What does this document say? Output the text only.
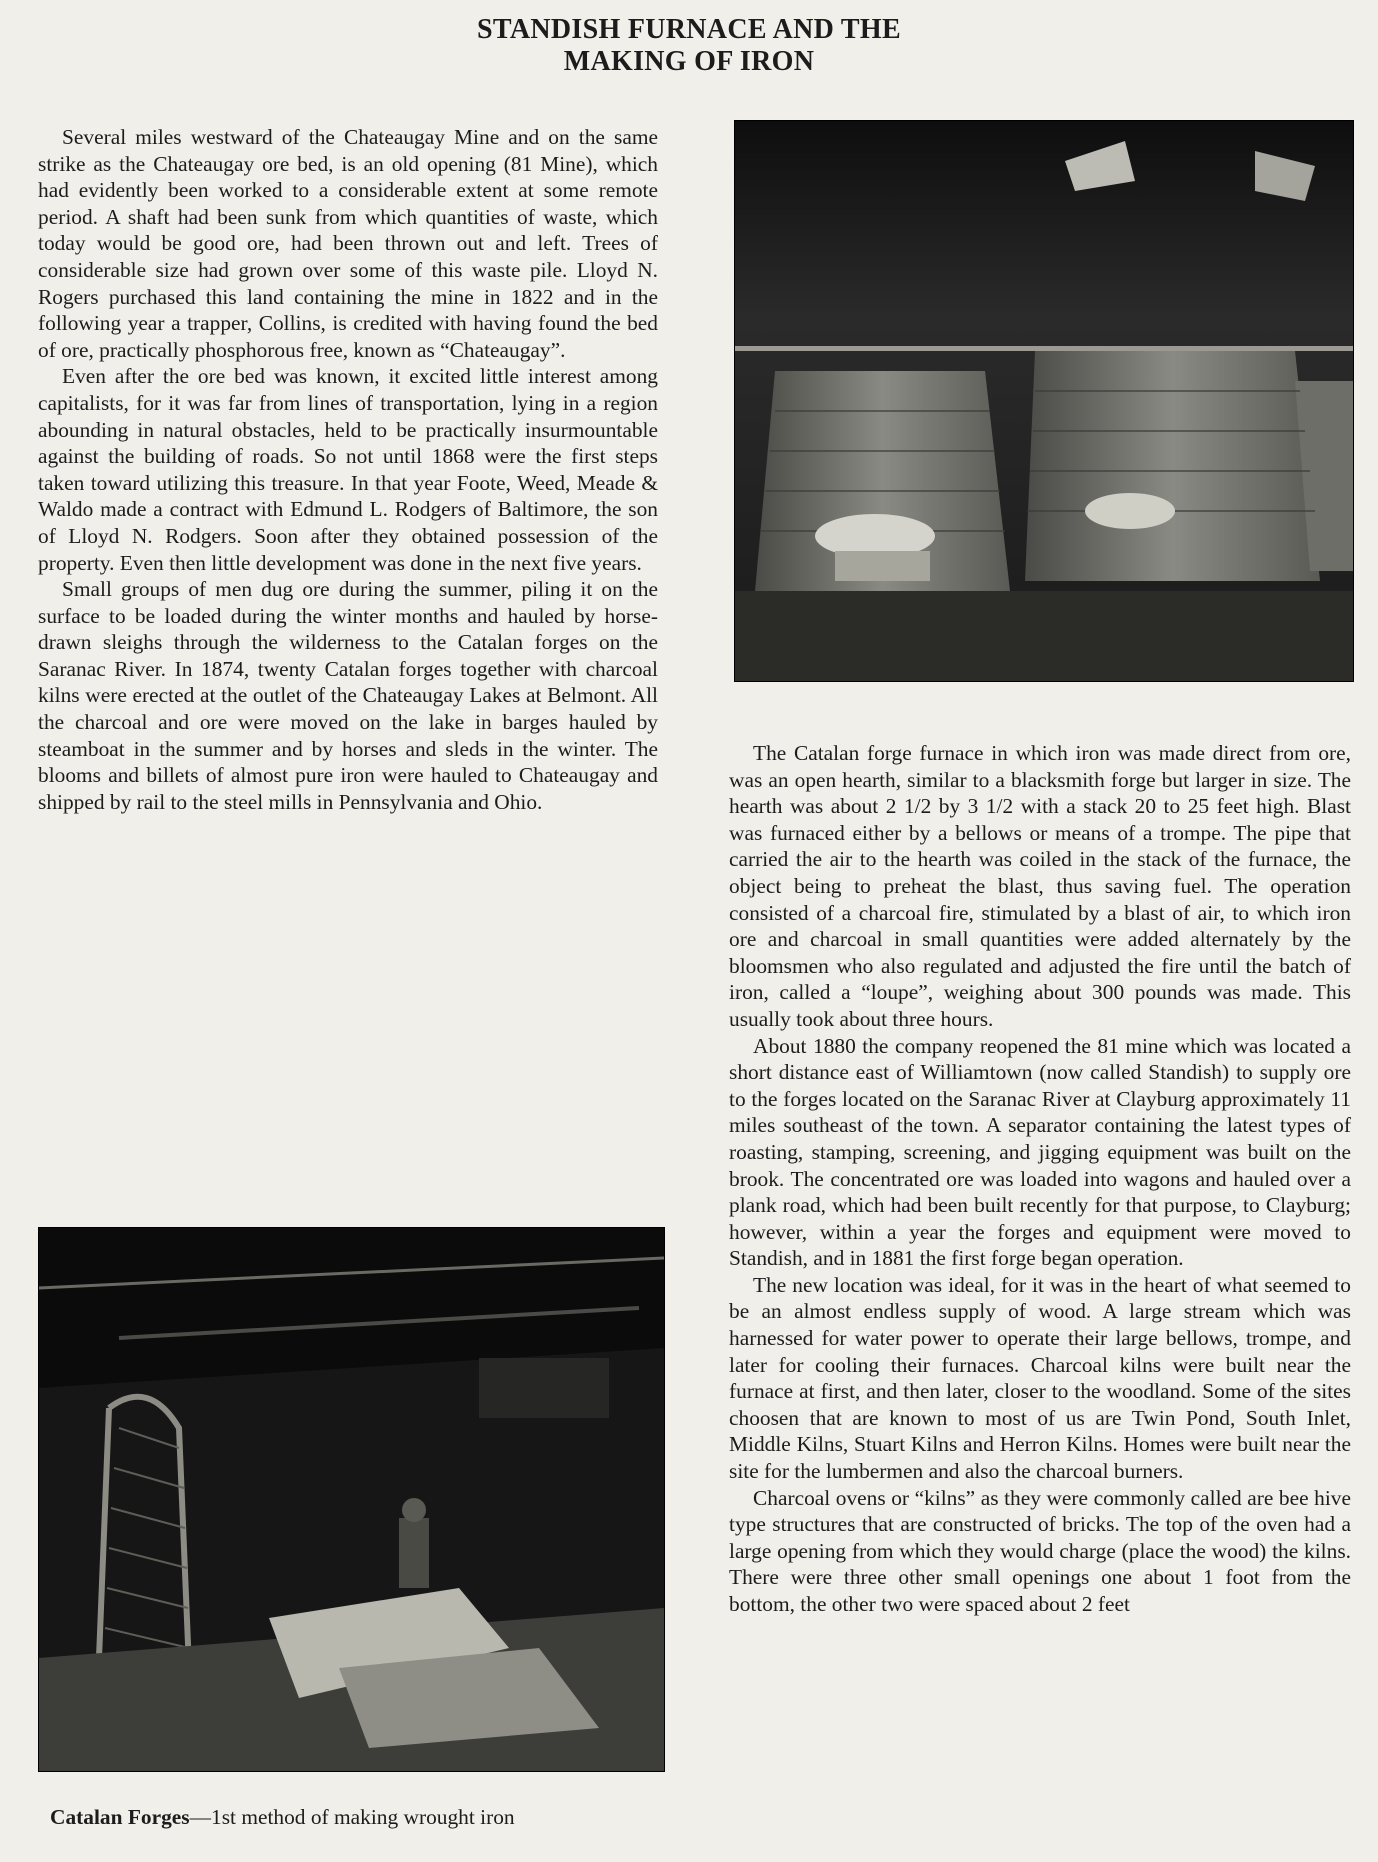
STANDISH FURNACE AND THE
MAKING OF IRON

Several miles westward of the Chateaugay Mine and on the same strike as the Chateaugay ore bed, is an old opening (81 Mine), which had evidently been worked to a considerable extent at some remote period. A shaft had been sunk from which quantities of waste, which today would be good ore, had been thrown out and left. Trees of considerable size had grown over some of this waste pile. Lloyd N. Rogers purchased this land containing the mine in 1822 and in the following year a trapper, Collins, is credited with having found the bed of ore, practically phosphorous free, known as “Chateaugay”.

Even after the ore bed was known, it excited little interest among capitalists, for it was far from lines of transportation, lying in a region abounding in natural obstacles, held to be practically insurmountable against the building of roads. So not until 1868 were the first steps taken toward utilizing this treasure. In that year Foote, Weed, Meade & Waldo made a contract with Edmund L. Rodgers of Baltimore, the son of Lloyd N. Rodgers. Soon after they obtained possession of the property. Even then little development was done in the next five years.

Small groups of men dug ore during the summer, piling it on the surface to be loaded during the winter months and hauled by horse-drawn sleighs through the wilderness to the Catalan forges on the Saranac River. In 1874, twenty Catalan forges together with charcoal kilns were erected at the outlet of the Chateaugay Lakes at Belmont. All the charcoal and ore were moved on the lake in barges hauled by steamboat in the summer and by horses and sleds in the winter. The blooms and billets of almost pure iron were hauled to Chateaugay and shipped by rail to the steel mills in Pennsylvania and Ohio.

The Catalan forge furnace in which iron was made direct from ore, was an open hearth, similar to a blacksmith forge but larger in size. The hearth was about 2 1/2 by 3 1/2 with a stack 20 to 25 feet high. Blast was furnaced either by a bellows or means of a trompe. The pipe that carried the air to the hearth was coiled in the stack of the furnace, the object being to preheat the blast, thus saving fuel. The operation consisted of a charcoal fire, stimulated by a blast of air, to which iron ore and charcoal in small quantities were added alternately by the bloomsmen who also regulated and adjusted the fire until the batch of iron, called a “loupe”, weighing about 300 pounds was made. This usually took about three hours.

About 1880 the company reopened the 81 mine which was located a short distance east of Williamtown (now called Standish) to supply ore to the forges located on the Saranac River at Clayburg approximately 11 miles southeast of the town. A separator containing the latest types of roasting, stamping, screening, and jigging equipment was built on the brook. The concentrated ore was loaded into wagons and hauled over a plank road, which had been built recently for that purpose, to Clayburg; however, within a year the forges and equipment were moved to Standish, and in 1881 the first forge began operation.

The new location was ideal, for it was in the heart of what seemed to be an almost endless supply of wood. A large stream which was harnessed for water power to operate their large bellows, trompe, and later for cooling their furnaces. Charcoal kilns were built near the furnace at first, and then later, closer to the woodland. Some of the sites choosen that are known to most of us are Twin Pond, South Inlet, Middle Kilns, Stuart Kilns and Herron Kilns. Homes were built near the site for the lumbermen and also the charcoal burners.

Charcoal ovens or “kilns” as they were commonly called are bee hive type structures that are constructed of bricks. The top of the oven had a large opening from which they would charge (place the wood) the kilns. There were three other small openings one about 1 foot from the bottom, the other two were spaced about 2 feet

Catalan Forges—1st method of making wrought iron
